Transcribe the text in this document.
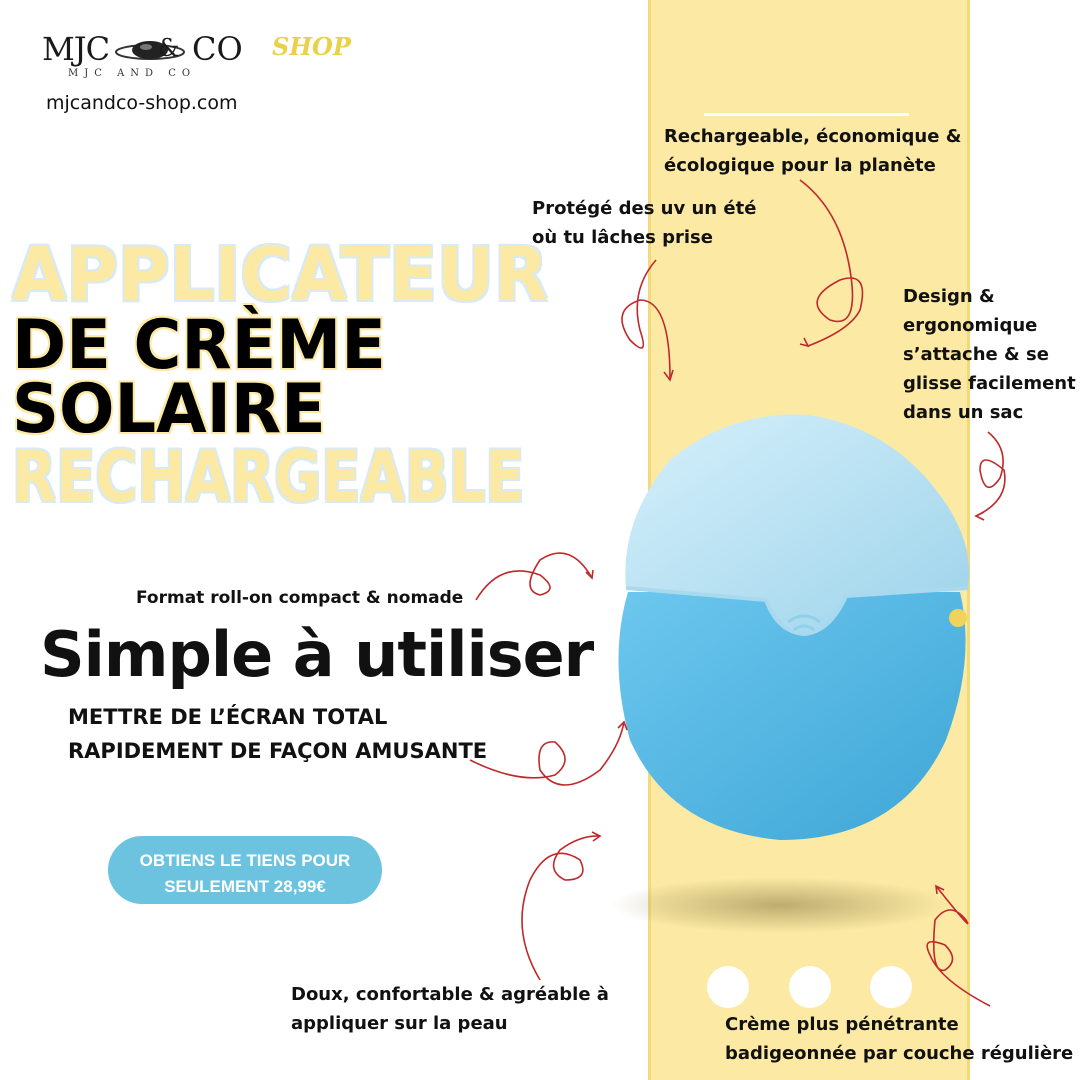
MJC & CO SHOP
MJC AND CO
mjcandco-shop.com
APPLICATEUR
DE CRÈME
SOLAIRE
RECHARGEABLE
Rechargeable, économique & écologique pour la planète
Protégé des uv un été où tu lâches prise
Design & ergonomique s’attache & se glisse facilement dans un sac
Doux, confortable & agréable à appliquer sur la peau	Crème plus pénétrante badigeonnée par couche régulière
Format roll-on compact & nomade
Simple à utiliser
METTRE DE L’ÉCRAN TOTAL
RAPIDEMENT DE FAÇON AMUSANTE
OBTIENS LE TIENS POUR
SEULEMENT 28,99€
